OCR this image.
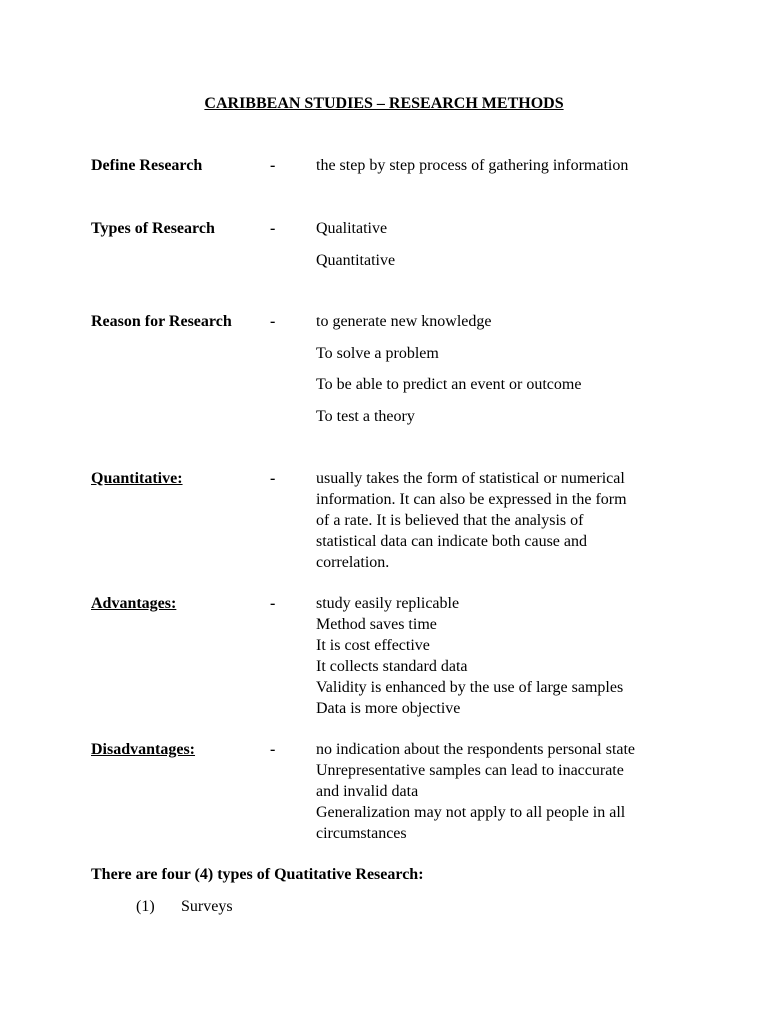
CARIBBEAN STUDIES – RESEARCH METHODS
Define Research	-	the step by step process of gathering information
Types of Research	-	Qualitative
Quantitative
Reason for Research -	to generate new knowledge
To solve a problem
To be able to predict an event or outcome
To test a theory
Quantitative:	-	usually takes the form of statistical or numerical
information. It can also be expressed in the form
of a rate. It is believed that the analysis of
statistical data can indicate both cause and
correlation.
Advantages:	-	study easily replicable
Method saves time
It is cost effective
It collects standard data
Validity is enhanced by the use of large samples
Data is more objective
Disadvantages:	-	no indication about the respondents personal state
Unrepresentative samples can lead to inaccurate
and invalid data
Generalization may not apply to all people in all
circumstances
There are four (4) types of Quatitative Research:
(1) Surveys
